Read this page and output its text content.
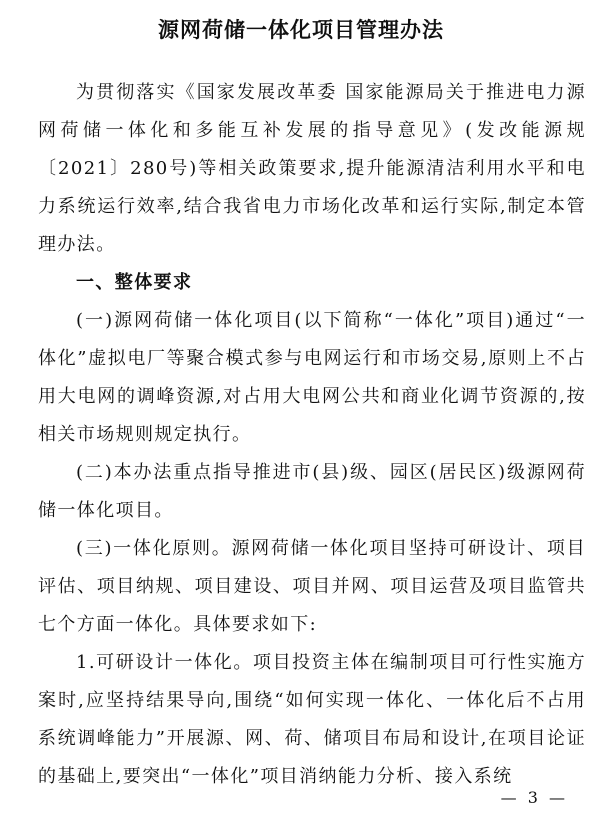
源网荷储一体化项目管理办法

为贯彻落实《国家发展改革委 国家能源局关于推进电力源网荷储一体化和多能互补发展的指导意见》(发改能源规〔2021〕280号)等相关政策要求,提升能源清洁利用水平和电力系统运行效率,结合我省电力市场化改革和运行实际,制定本管理办法。

一、整体要求

(一)源网荷储一体化项目(以下简称“一体化”项目)通过“一体化”虚拟电厂等聚合模式参与电网运行和市场交易,原则上不占用大电网的调峰资源,对占用大电网公共和商业化调节资源的,按相关市场规则规定执行。

(二)本办法重点指导推进市(县)级、园区(居民区)级源网荷储一体化项目。

(三)一体化原则。源网荷储一体化项目坚持可研设计、项目评估、项目纳规、项目建设、项目并网、项目运营及项目监管共七个方面一体化。具体要求如下:

1.可研设计一体化。项目投资主体在编制项目可行性实施方案时,应坚持结果导向,围绕“如何实现一体化、一体化后不占用系统调峰能力”开展源、网、荷、储项目布局和设计,在项目论证的基础上,要突出“一体化”项目消纳能力分析、接入系统

— 3 —
